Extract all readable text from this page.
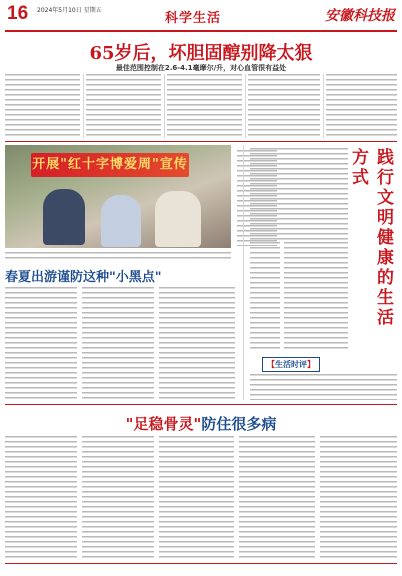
16 2024年5月10日 星期五
科学生活	安徽科技报
65岁后，坏胆固醇别降太狠
最佳范围控制在2.6-4.1毫摩尔/升，对心血管很有益处
开展"红十字博爱周"宣传
春夏出游谨防这种"小黑点"	践行文明健康的生活方式
【生活时评】
"足稳骨灵"防住很多病
